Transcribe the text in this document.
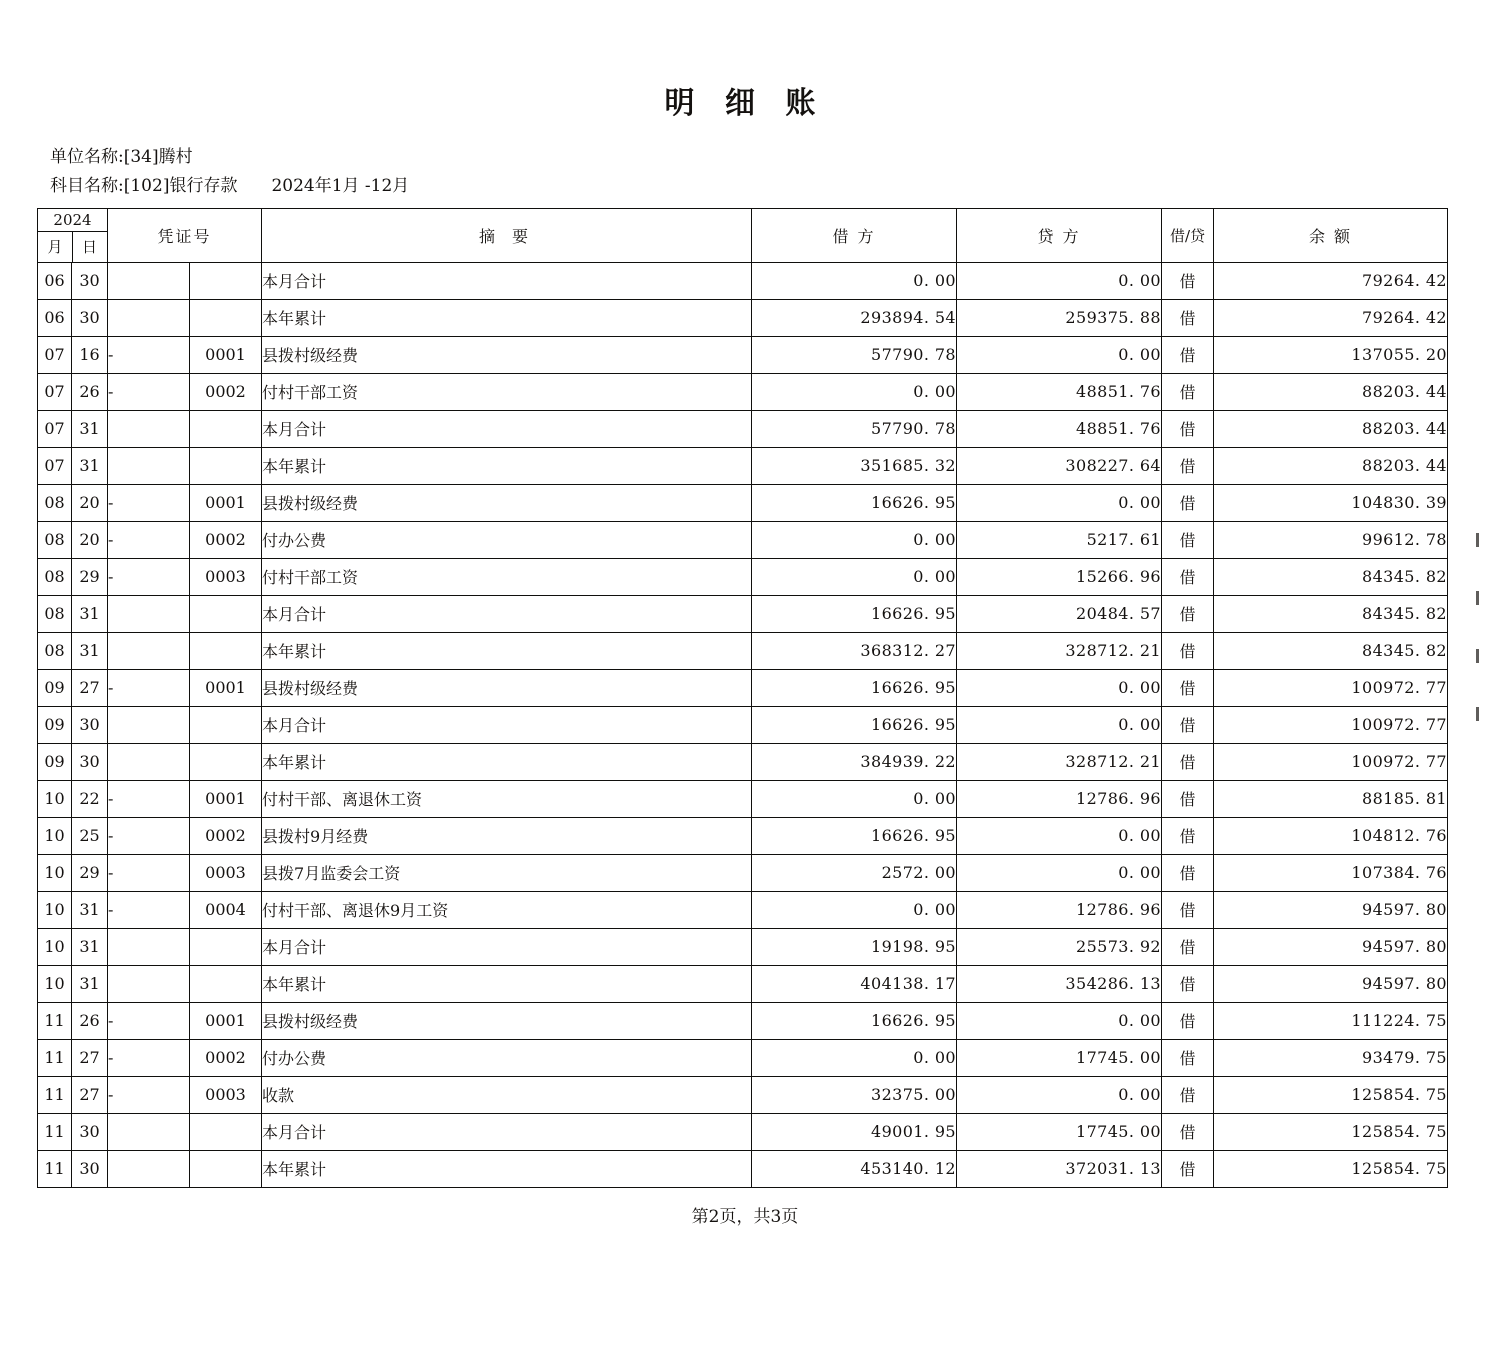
明 细 账
单位名称:[34]腾村
科目名称:[102]银行存款 2024年1月 -12月
2024
月 日		凭证号		摘 要	借 方	贷 方	借/贷	余 额
06	30			本月合计	0. 00	0. 00	借	79264. 42
06	30			本年累计	293894. 54	259375. 88	借	79264. 42
07	16	-	0001	县拨村级经费	57790. 78	0. 00	借	137055. 20
07	26	-	0002	付村干部工资	0. 00	48851. 76	借	88203. 44
07	31			本月合计	57790. 78	48851. 76	借	88203. 44
07	31			本年累计	351685. 32	308227. 64	借	88203. 44
08	20	-	0001	县拨村级经费	16626. 95	0. 00	借	104830. 39
08	20	-	0002	付办公费	0. 00	5217. 61	借	99612. 78
08	29	-	0003	付村干部工资	0. 00	15266. 96	借	84345. 82
08	31			本月合计	16626. 95	20484. 57	借	84345. 82
08	31			本年累计	368312. 27	328712. 21	借	84345. 82
09	27	-	0001	县拨村级经费	16626. 95	0. 00	借	100972. 77
09	30			本月合计	16626. 95	0. 00	借	100972. 77
09	30			本年累计	384939. 22	328712. 21	借	100972. 77
10	22	-	0001	付村干部、离退休工资	0. 00	12786. 96	借	88185. 81
10	25	-	0002	县拨村9月经费	16626. 95	0. 00	借	104812. 76
10	29	-	0003	县拨7月监委会工资	2572. 00	0. 00	借	107384. 76
10	31	-	0004	付村干部、离退休9月工资	0. 00	12786. 96	借	94597. 80
10	31			本月合计	19198. 95	25573. 92	借	94597. 80
10	31			本年累计	404138. 17	354286. 13	借	94597. 80
11	26	-	0001	县拨村级经费	16626. 95	0. 00	借	111224. 75
11	27	-	0002	付办公费	0. 00	17745. 00	借	93479. 75
11	27	-	0003	收款	32375. 00	0. 00	借	125854. 75
11	30			本月合计	49001. 95	17745. 00	借	125854. 75
11	30			本年累计	453140. 12	372031. 13	借	125854. 75
第2页，共3页
